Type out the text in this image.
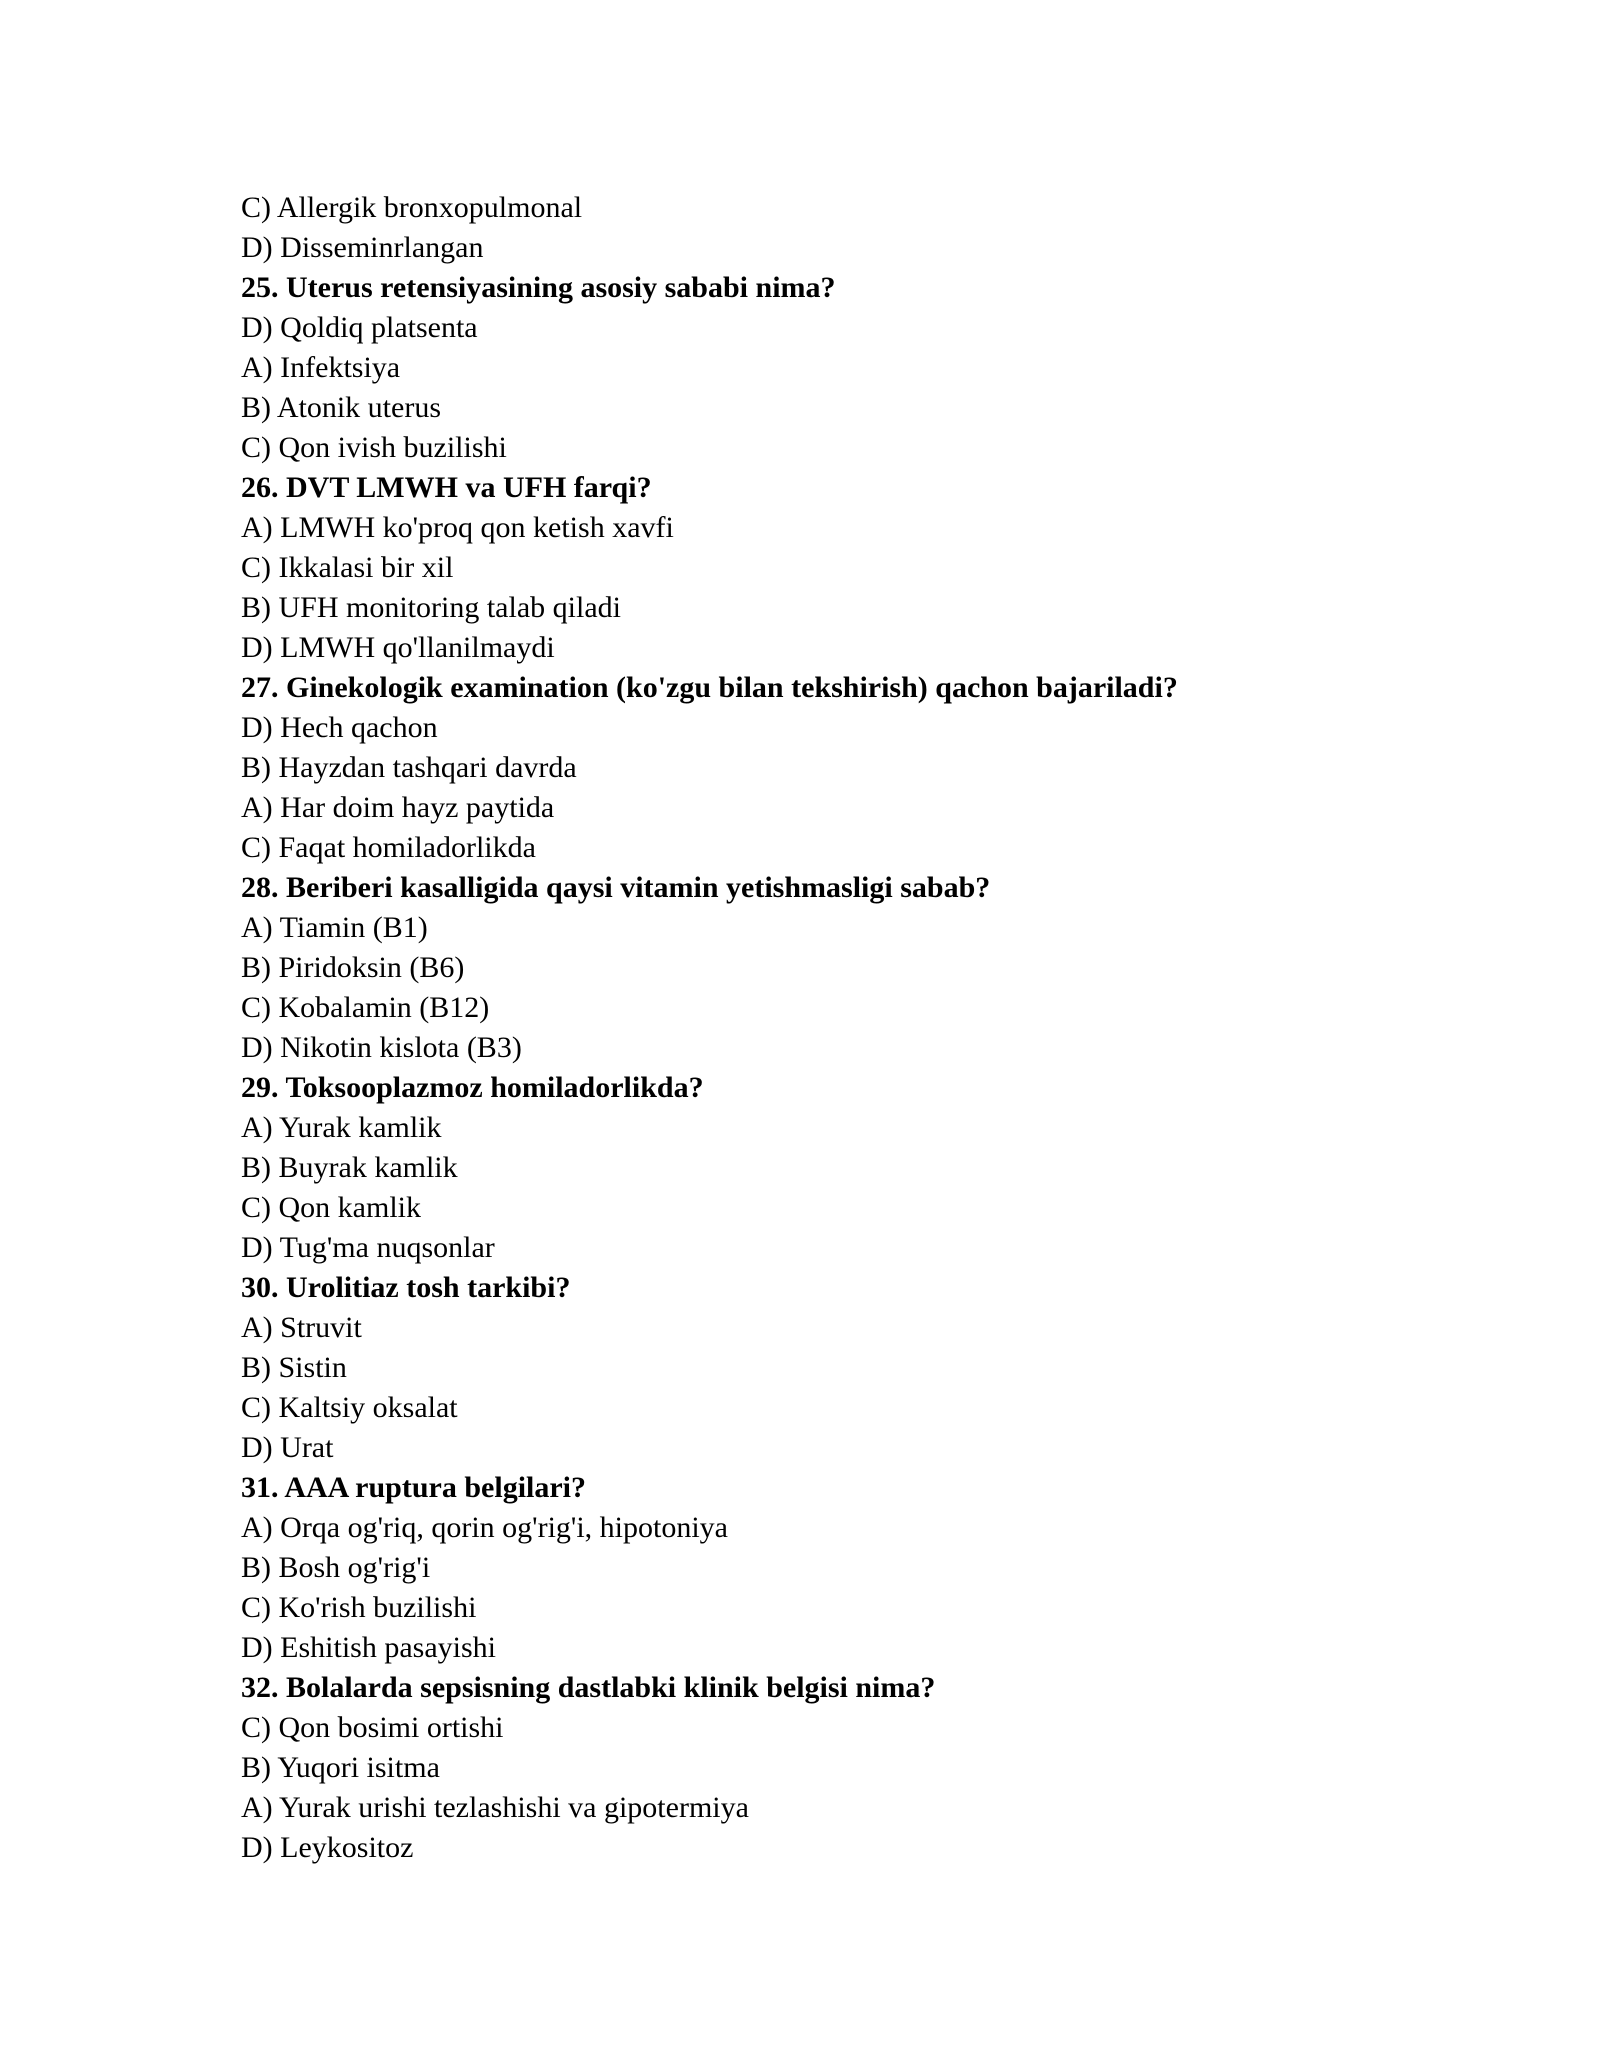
C) Allergik bronxopulmonal
D) Disseminrlangan
25. Uterus retensiyasining asosiy sababi nima?
D) Qoldiq platsenta
A) Infektsiya
B) Atonik uterus
C) Qon ivish buzilishi
26. DVT LMWH va UFH farqi?
A) LMWH ko'proq qon ketish xavfi
C) Ikkalasi bir xil
B) UFH monitoring talab qiladi
D) LMWH qo'llanilmaydi
27. Ginekologik examination (ko'zgu bilan tekshirish) qachon bajariladi?
D) Hech qachon
B) Hayzdan tashqari davrda
A) Har doim hayz paytida
C) Faqat homiladorlikda
28. Beriberi kasalligida qaysi vitamin yetishmasligi sabab?
A) Tiamin (B1)
B) Piridoksin (B6)
C) Kobalamin (B12)
D) Nikotin kislota (B3)
29. Toksooplazmoz homiladorlikda?
A) Yurak kamlik
B) Buyrak kamlik
C) Qon kamlik
D) Tug'ma nuqsonlar
30. Urolitiaz tosh tarkibi?
A) Struvit
B) Sistin
C) Kaltsiy oksalat
D) Urat
31. AAA ruptura belgilari?
A) Orqa og'riq, qorin og'rig'i, hipotoniya
B) Bosh og'rig'i
C) Ko'rish buzilishi
D) Eshitish pasayishi
32. Bolalarda sepsisning dastlabki klinik belgisi nima?
C) Qon bosimi ortishi
B) Yuqori isitma
A) Yurak urishi tezlashishi va gipotermiya
D) Leykositoz
